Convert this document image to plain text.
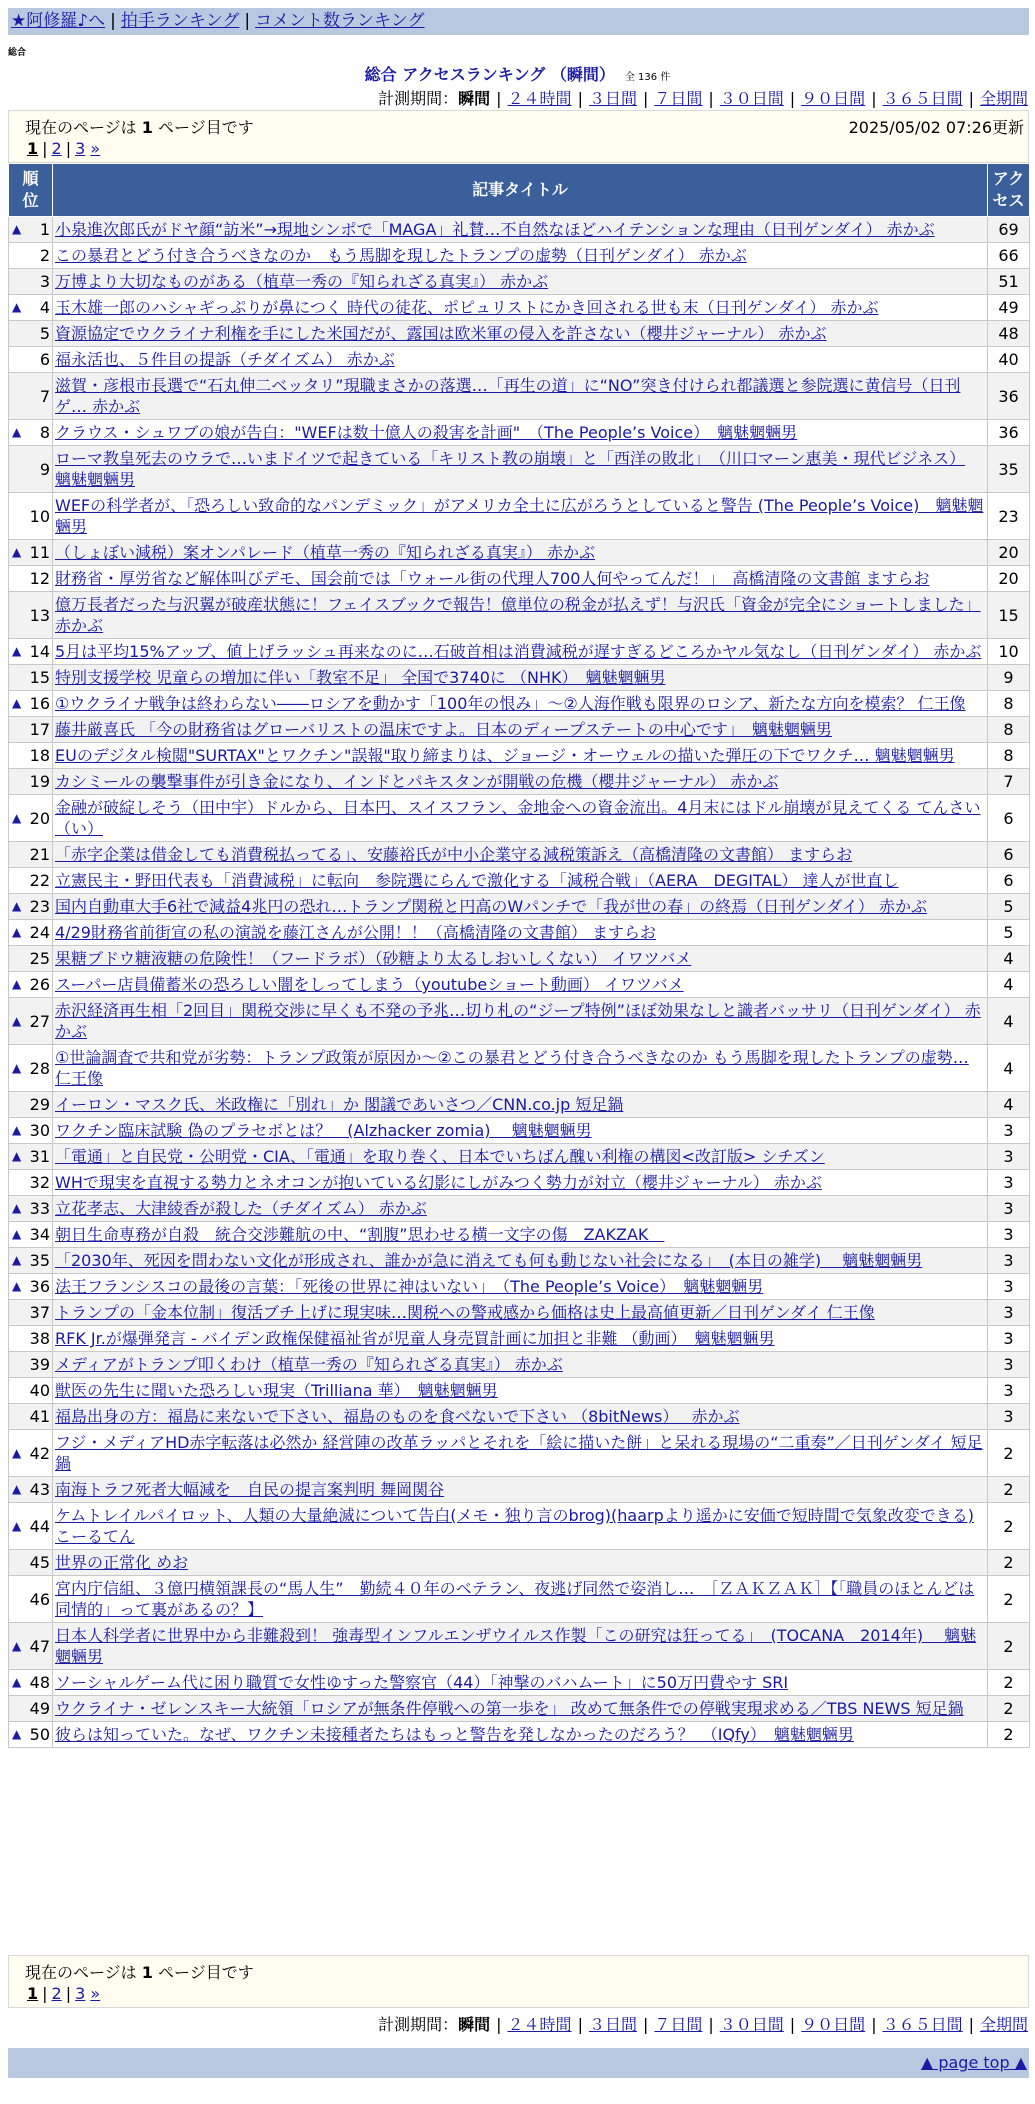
★阿修羅♪へ | 拍手ランキング | コメント数ランキング
総合
総合 アクセスランキング （瞬間） 全 136 件
計測期間：瞬間 | ２４時間 | ３日間 | ７日間 | ３０日間 | ９０日間 | ３６５日間 | 全期間
現在のページは 1 ページ目です	2025/05/02 07:26更新
1 | 2 | 3 »
順位	記事タイトル	アクセス

▲ 1	小泉進次郎氏がドヤ顔“訪米”→現地シンポで「MAGA」礼賛…不自然なほどハイテンションな理由（日刊ゲンダイ） 赤かぶ	69
2	この暴君とどう付き合うべきなのか　もう馬脚を現したトランプの虚勢（日刊ゲンダイ） 赤かぶ	66
3	万博より大切なものがある（植草一秀の『知られざる真実』） 赤かぶ	51

▲ 4	玉木雄一郎のハシャギっぷりが鼻につく 時代の徒花、ポピュリストにかき回される世も末（日刊ゲンダイ） 赤かぶ	49
5	資源協定でウクライナ利権を手にした米国だが、露国は欧米軍の侵入を許さない（櫻井ジャーナル） 赤かぶ	48
6	福永活也、５件目の提訴（チダイズム） 赤かぶ	40
7	滋賀・彦根市長選で“石丸伸二ベッタリ”現職まさかの落選…「再生の道」に“NO”突き付けられ都議選と参院選に黄信号（日刊ゲ… 赤かぶ	36

▲ 8	クラウス・シュワブの娘が告白："WEFは数十億人の殺害を計画"　（The People’s Voice）　魑魅魍魎男	36
9	ローマ教皇死去のウラで…いまドイツで起きている「キリスト教の崩壊」と「西洋の敗北」　（川口マーン惠美・現代ビジネス） 魑魅魍魎男	35
10	WEFの科学者が、「恐ろしい致命的なパンデミック」がアメリカ全土に広がろうとしていると警告 (The People’s Voice)　魑魅魍魎男	23

▲ 11	（しょぼい減税）案オンパレード（植草一秀の『知られざる真実』） 赤かぶ	20
12	財務省・厚労省など解体叫びデモ、国会前では「ウォール街の代理人700人何やってんだ！」　高橋清隆の文書館 ますらお	20
13	億万長者だった与沢翼が破産状態に！フェイスブックで報告！億単位の税金が払えず！与沢氏「資金が完全にショートしました」 赤かぶ	15

▲ 14	5月は平均15%アップ、値上げラッシュ再来なのに…石破首相は消費減税が遅すぎるどころかヤル気なし（日刊ゲンダイ） 赤かぶ	10
15	特別支援学校 児童らの増加に伴い「教室不足」 全国で3740に （NHK）　魑魅魍魎男	9

▲ 16	①ウクライナ戦争は終わらない――ロシアを動かす「100年の恨み」～②人海作戦も限界のロシア、新たな方向を模索？ 仁王像	8
17	藤井厳喜氏 「今の財務省はグローバリストの温床ですよ。日本のディープステートの中心です」　魑魅魍魎男	8
18	EUのデジタル検閲"SURTAX"とワクチン"誤報"取り締まりは、ジョージ・オーウェルの描いた弾圧の下でワクチ… 魑魅魍魎男	8
19	カシミールの襲撃事件が引き金になり、インドとパキスタンが開戦の危機（櫻井ジャーナル） 赤かぶ	7

▲ 20	金融が破綻しそう（田中宇）ドルから、日本円、スイスフラン、金地金への資金流出。4月末にはドル崩壊が見えてくる てんさい（い）	6
21	「赤字企業は借金しても消費税払ってる」、安藤裕氏が中小企業守る減税策訴え（高橋清隆の文書館） ますらお	6
22	立憲民主・野田代表も「消費減税」に転向　参院選にらんで激化する「減税合戦」（AERA　DEGITAL） 達人が世直し	6

▲ 23	国内自動車大手6社で減益4兆円の恐れ…トランプ関税と円高のWパンチで「我が世の春」の終焉（日刊ゲンダイ） 赤かぶ	5

▲ 24	4/29財務省前街宣の私の演説を藤江さんが公開！！（高橋清隆の文書館） ますらお	5
25	果糖ブドウ糖液糖の危険性！（フードラボ）（砂糖より太るしおいしくない） イワツバメ	4

▲ 26	スーパー店員備蓄米の恐ろしい闇をしってしまう（youtubeショート動画） イワツバメ	4

▲ 27	赤沢経済再生相「2回目」関税交渉に早くも不発の予兆…切り札の“ジープ特例”ほぼ効果なしと識者バッサリ（日刊ゲンダイ） 赤かぶ	4

▲ 28	①世論調査で共和党が劣勢：トランプ政策が原因か～②この暴君とどう付き合うべきなのか もう馬脚を現したトランプの虚勢… 仁王像	4
29	イーロン・マスク氏、米政権に「別れ」か 閣議であいさつ／CNN.co.jp 短足鍋	4

▲ 30	ワクチン臨床試験 偽のプラセボとは？　(Alzhacker zomia)　 魑魅魍魎男	3

▲ 31	「電通」と自民党・公明党・CIA、「電通」を取り巻く、日本でいちばん醜い利権の構図<改訂版> シチズン	3
32	WHで現実を直視する勢力とネオコンが抱いている幻影にしがみつく勢力が対立（櫻井ジャーナル） 赤かぶ	3

▲ 33	立花孝志、大津綾香が殺した（チダイズム） 赤かぶ	3

▲ 34	朝日生命専務が自殺　統合交渉難航の中、“割腹”思わせる横一文字の傷　ZAKZAK　	3

▲ 35	「2030年、死因を問わない文化が形成され、誰かが急に消えても何も動じない社会になる」　(本日の雑学)　 魑魅魍魎男	3

▲ 36	法王フランシスコの最後の言葉：「死後の世界に神はいない」　（The People’s Voice）　魑魅魍魎男	3
37	トランプの「金本位制」復活ブチ上げに現実味…関税への警戒感から価格は史上最高値更新／日刊ゲンダイ 仁王像	3
38	RFK Jr.が爆弾発言 - バイデン政権保健福祉省が児童人身売買計画に加担と非難 （動画）　魑魅魍魎男	3
39	メディアがトランプ叩くわけ（植草一秀の『知られざる真実』） 赤かぶ	3
40	獣医の先生に聞いた恐ろしい現実（Trilliana 華）　魑魅魍魎男	3
41	福島出身の方：福島に来ないで下さい、福島のものを食べないで下さい （8bitNews）　 赤かぶ	3

▲ 42	フジ・メディアHD赤字転落は必然か 経営陣の改革ラッパとそれを「絵に描いた餅」と呆れる現場の“二重奏”／日刊ゲンダイ 短足鍋	2

▲ 43	南海トラフ死者大幅減を　自民の提言案判明 舞岡関谷	2

▲ 44	ケムトレイルパイロット、人類の大量絶滅について告白(メモ・独り言のbrog)(haarpより遥かに安価で短時間で気象改変できる) こーるてん	2
45	世界の正常化 めお	2
46	宮内庁信組、３億円横領課長の“馬人生”　勤続４０年のベテラン、夜逃げ同然で姿消し…　［ＺＡＫＺＡＫ］【「職員のほとんどは同情的」って裏があるの？】	2

▲ 47	日本人科学者に世界中から非難殺到！ 強毒型インフルエンザウイルス作製「この研究は狂ってる」　(TOCANA　2014年)　 魑魅魍魎男	2

▲ 48	ソーシャルゲーム代に困り職質で女性ゆすった警察官（44）「神撃のバハムート」に50万円費やす SRI	2
49	ウクライナ・ゼレンスキー大統領「ロシアが無条件停戦への第一歩を」 改めて無条件での停戦実現求める／TBS NEWS 短足鍋	2

▲ 50	彼らは知っていた。なぜ、ワクチン未接種者たちはもっと警告を発しなかったのだろう？　（IQfy）　魑魅魍魎男	2
現在のページは 1 ページ目です
1 | 2 | 3 »
計測期間：瞬間 | ２４時間 | ３日間 | ７日間 | ３０日間 | ９０日間 | ３６５日間 | 全期間
▲ page top ▲
